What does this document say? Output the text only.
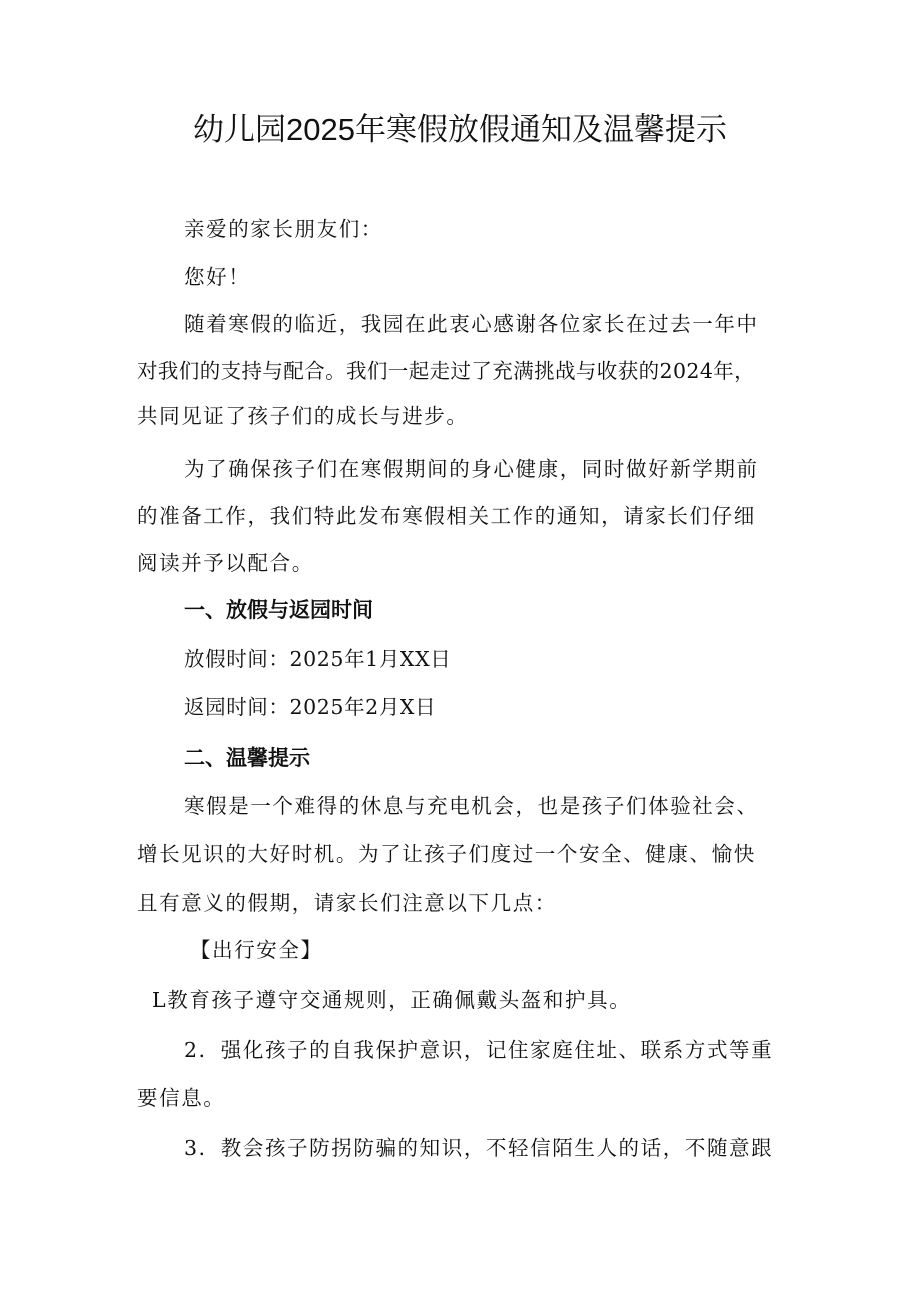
幼儿园2025年寒假放假通知及温馨提示

亲爱的家长朋友们：

您好！

随着寒假的临近，我园在此衷心感谢各位家长在过去一年中

对我们的支持与配合。我们一起走过了充满挑战与收获的2024年，

共同见证了孩子们的成长与进步。

为了确保孩子们在寒假期间的身心健康，同时做好新学期前

的准备工作，我们特此发布寒假相关工作的通知，请家长们仔细

阅读并予以配合。

一、放假与返园时间

放假时间：2025年1月XX日

返园时间：2025年2月X日

二、温馨提示

寒假是一个难得的休息与充电机会，也是孩子们体验社会、

增长见识的大好时机。为了让孩子们度过一个安全、健康、愉快

且有意义的假期，请家长们注意以下几点：

【出行安全】

L教育孩子遵守交通规则，正确佩戴头盔和护具。

2．强化孩子的自我保护意识，记住家庭住址、联系方式等重

要信息。

3．教会孩子防拐防骗的知识，不轻信陌生人的话，不随意跟
